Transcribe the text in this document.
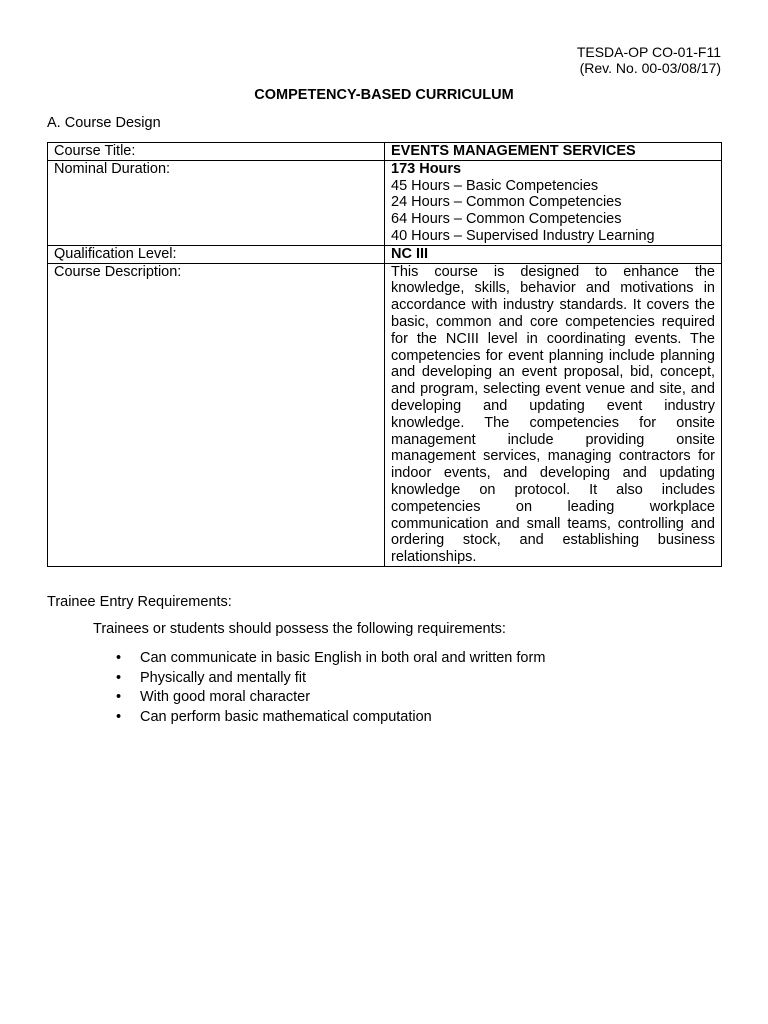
TESDA-OP CO-01-F11
(Rev. No. 00-03/08/17)
COMPETENCY-BASED CURRICULUM
A. Course Design
Course Title:	EVENTS MANAGEMENT SERVICES
Nominal Duration:	173 Hours
45 Hours – Basic Competencies
24 Hours – Common Competencies
64 Hours – Common Competencies
40 Hours – Supervised Industry Learning

Qualification Level:	NC III
Course Description:	This course is designed to enhance the knowledge, skills, behavior and motivations in accordance with industry standards. It covers the basic, common and core competencies required for the NCIII level in coordinating events. The competencies for event planning include planning and developing an event proposal, bid, concept, and program, selecting event venue and site, and developing and updating event industry knowledge. The competencies for onsite management include providing onsite management services, managing contractors for indoor events, and developing and updating knowledge on protocol. It also includes competencies on leading workplace communication and small teams, controlling and ordering stock, and establishing business relationships.
Trainee Entry Requirements:
Trainees or students should possess the following requirements:
• Can communicate in basic English in both oral and written form
• Physically and mentally fit
• With good moral character
• Can perform basic mathematical computation
